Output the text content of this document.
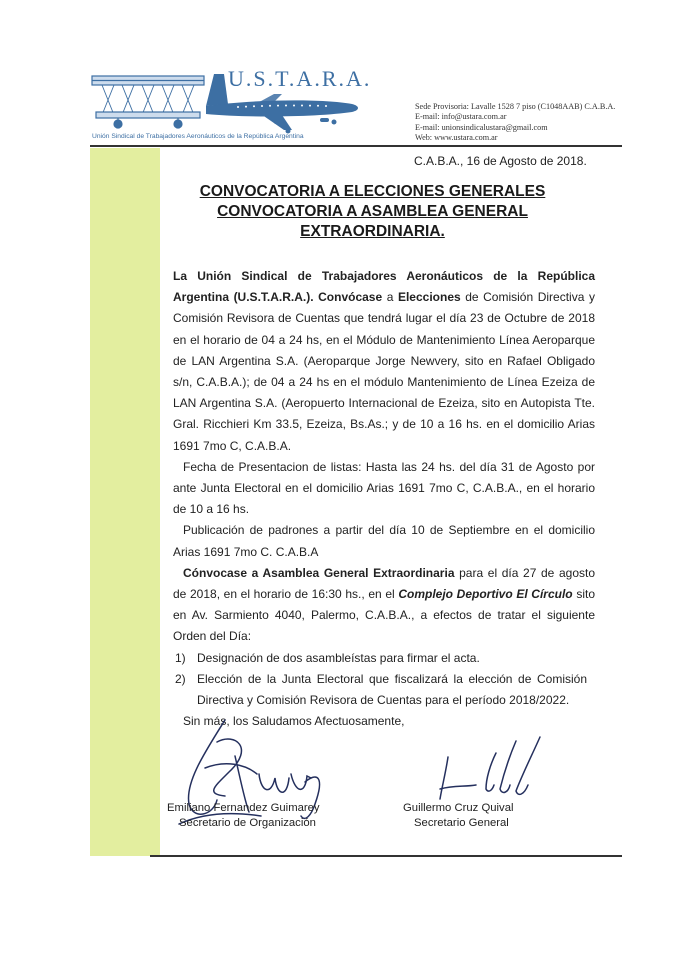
U.S.T.A.R.A.
Unión Sindical de Trabajadores Aeronáuticos de la República Argentina
Sede Provisoria: Lavalle 1528 7 piso (C1048AAB) C.A.B.A.
E-mail: info@ustara.com.ar
E-mail: unionsindicalustara@gmail.com
Web: www.ustara.com.ar
C.A.B.A., 16 de Agosto de 2018.
CONVOCATORIA A ELECCIONES GENERALES
CONVOCATORIA A ASAMBLEA GENERAL
EXTRAORDINARIA.

La Unión Sindical de Trabajadores Aeronáuticos de la República Argentina (U.S.T.A.R.A.). Convócase a Elecciones de Comisión Directiva y Comisión Revisora de Cuentas que tendrá lugar el día 23 de Octubre de 2018 en el horario de 04 a 24 hs, en el Módulo de Mantenimiento Línea Aeroparque de LAN Argentina S.A. (Aeroparque Jorge Newvery, sito en Rafael Obligado s/n, C.A.B.A.); de 04 a 24 hs en el módulo Mantenimiento de Línea Ezeiza de LAN Argentina S.A. (Aeropuerto Internacional de Ezeiza, sito en Autopista Tte. Gral. Ricchieri Km 33.5, Ezeiza, Bs.As.; y de 10 a 16 hs. en el domicilio Arias 1691 7mo C, C.A.B.A.

Fecha de Presentacion de listas: Hasta las 24 hs. del día 31 de Agosto por ante Junta Electoral en el domicilio Arias 1691 7mo C, C.A.B.A., en el horario de 10 a 16 hs.

Publicación de padrones a partir del día 10 de Septiembre en el domicilio Arias 1691 7mo C. C.A.B.A

Cónvocase a Asamblea General Extraordinaria para el día 27 de agosto de 2018, en el horario de 16:30 hs., en el Complejo Deportivo El Círculo sito en Av. Sarmiento 4040, Palermo, C.A.B.A., a efectos de tratar el siguiente Orden del Día:

1) Designación de dos asambleístas para firmar el acta.
2) Elección de la Junta Electoral que fiscalizará la elección de Comisión Directiva y Comisión Revisora de Cuentas para el período 2018/2022.

Sin más, los Saludamos Afectuosamente,

Emiliano Fernandez Guimarey
Secretario de Organización
Guillermo Cruz Quival
Secretario General
